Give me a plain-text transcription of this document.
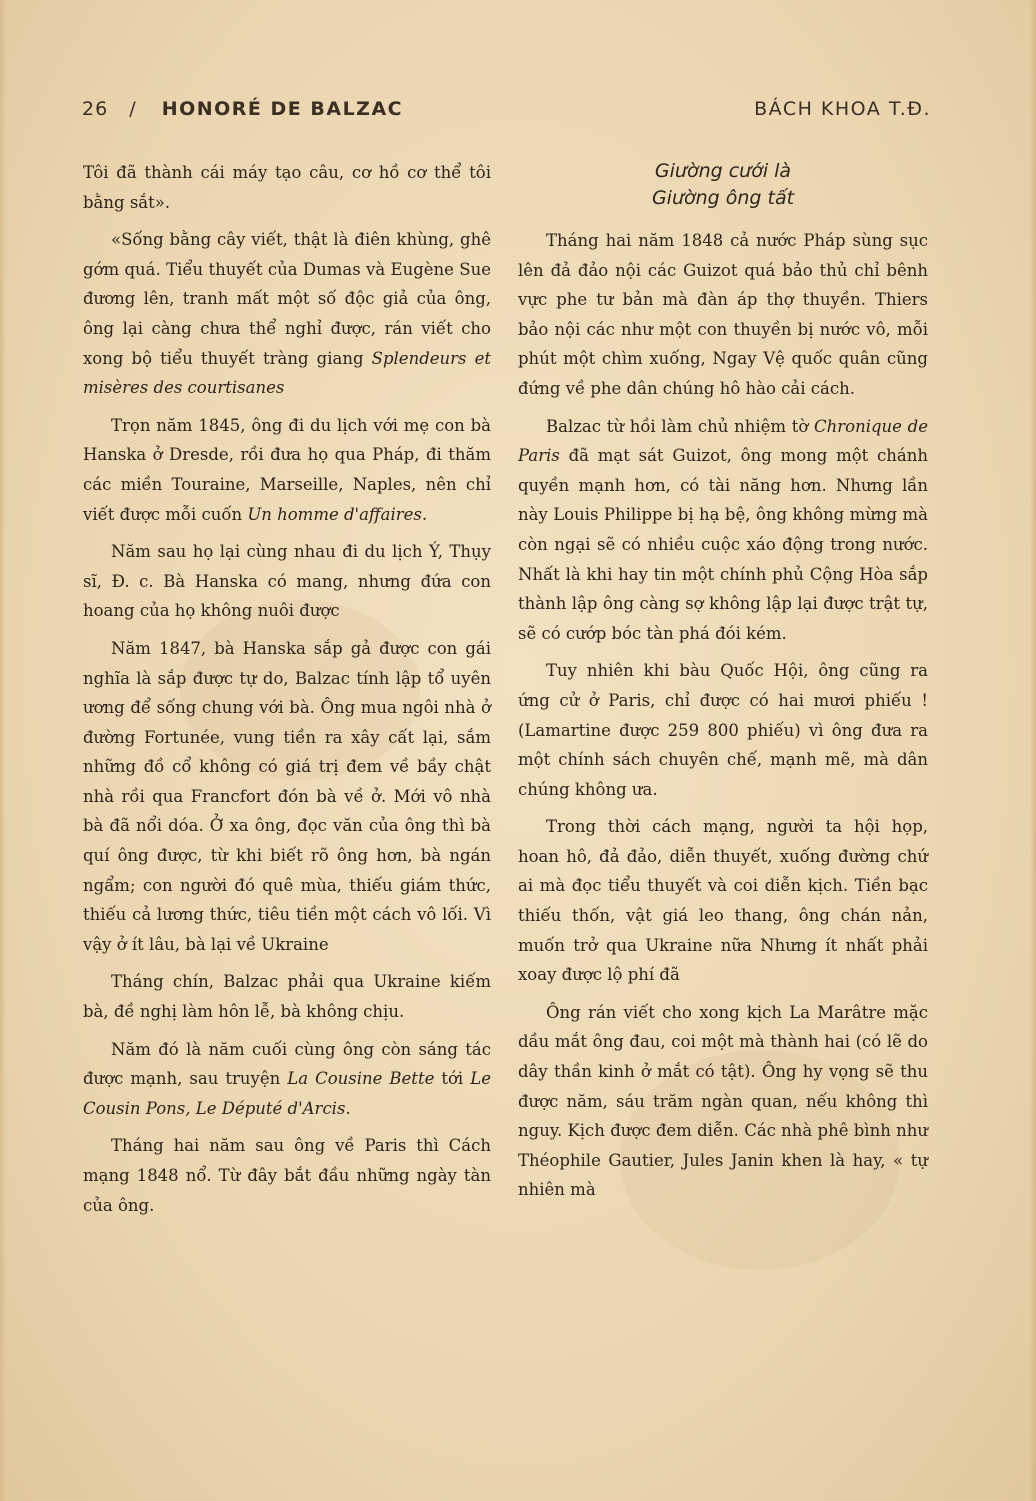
26 / HONORÉ DE BALZAC	BÁCH KHOA T.Đ.

Tôi đã thành cái máy tạo câu, cơ hồ cơ thể tôi bằng sắt».

«Sống bằng cây viết, thật là điên khùng, ghê gớm quá. Tiểu thuyết của Dumas và Eugène Sue đương lên, tranh mất một số độc giả của ông, ông lại càng chưa thể nghỉ được, rán viết cho xong bộ tiểu thuyết tràng giang Splendeurs et misères des courtisanes

Trọn năm 1845, ông đi du lịch với mẹ con bà Hanska ở Dresde, rồi đưa họ qua Pháp, đi thăm các miền Touraine, Marseille, Naples, nên chỉ viết được mỗi cuốn Un homme d'affaires.

Năm sau họ lại cùng nhau đi du lịch Ý, Thụy sĩ, Đ. c. Bà Hanska có mang, nhưng đứa con hoang của họ không nuôi được

Năm 1847, bà Hanska sắp gả được con gái nghĩa là sắp được tự do, Balzac tính lập tổ uyên ương để sống chung với bà. Ông mua ngôi nhà ở đường Fortunée, vung tiền ra xây cất lại, sắm những đồ cổ không có giá trị đem về bầy chật nhà rồi qua Francfort đón bà về ở. Mới vô nhà bà đã nổi dóa. Ở xa ông, đọc văn của ông thì bà quí ông được, từ khi biết rõ ông hơn, bà ngán ngẩm; con người đó quê mùa, thiếu giám thức, thiếu cả lương thức, tiêu tiền một cách vô lối. Vì vậy ở ít lâu, bà lại về Ukraine

Tháng chín, Balzac phải qua Ukraine kiếm bà, đề nghị làm hôn lễ, bà không chịu.

Năm đó là năm cuối cùng ông còn sáng tác được mạnh, sau truyện La Cousine Bette tới Le Cousin Pons, Le Député d'Arcis.

Tháng hai năm sau ông về Paris thì Cách mạng 1848 nổ. Từ đây bắt đầu những ngày tàn của ông.

Giường cưới là
Giường ông tất

Tháng hai năm 1848 cả nước Pháp sùng sục lên đả đảo nội các Guizot quá bảo thủ chỉ bênh vực phe tư bản mà đàn áp thợ thuyền. Thiers bảo nội các như một con thuyền bị nước vô, mỗi phút một chìm xuống, Ngay Vệ quốc quân cũng đứng về phe dân chúng hô hào cải cách.

Balzac từ hồi làm chủ nhiệm tờ Chronique de Paris đã mạt sát Guizot, ông mong một chánh quyền mạnh hơn, có tài năng hơn. Nhưng lần này Louis Philippe bị hạ bệ, ông không mừng mà còn ngại sẽ có nhiều cuộc xáo động trong nước. Nhất là khi hay tin một chính phủ Cộng Hòa sắp thành lập ông càng sợ không lập lại được trật tự, sẽ có cướp bóc tàn phá đói kém.

Tuy nhiên khi bàu Quốc Hội, ông cũng ra ứng cử ở Paris, chỉ được có hai mươi phiếu ! (Lamartine được 259 800 phiếu) vì ông đưa ra một chính sách chuyên chế, mạnh mẽ, mà dân chúng không ưa.

Trong thời cách mạng, người ta hội họp, hoan hô, đả đảo, diễn thuyết, xuống đường chứ ai mà đọc tiểu thuyết và coi diễn kịch. Tiền bạc thiếu thốn, vật giá leo thang, ông chán nản, muốn trở qua Ukraine nữa Nhưng ít nhất phải xoay được lộ phí đã

Ông rán viết cho xong kịch La Marâtre mặc dầu mắt ông đau, coi một mà thành hai (có lẽ do dây thần kinh ở mắt có tật). Ông hy vọng sẽ thu được năm, sáu trăm ngàn quan, nếu không thì nguy. Kịch được đem diễn. Các nhà phê bình như Théophile Gautier, Jules Janin khen là hay, « tự nhiên mà
